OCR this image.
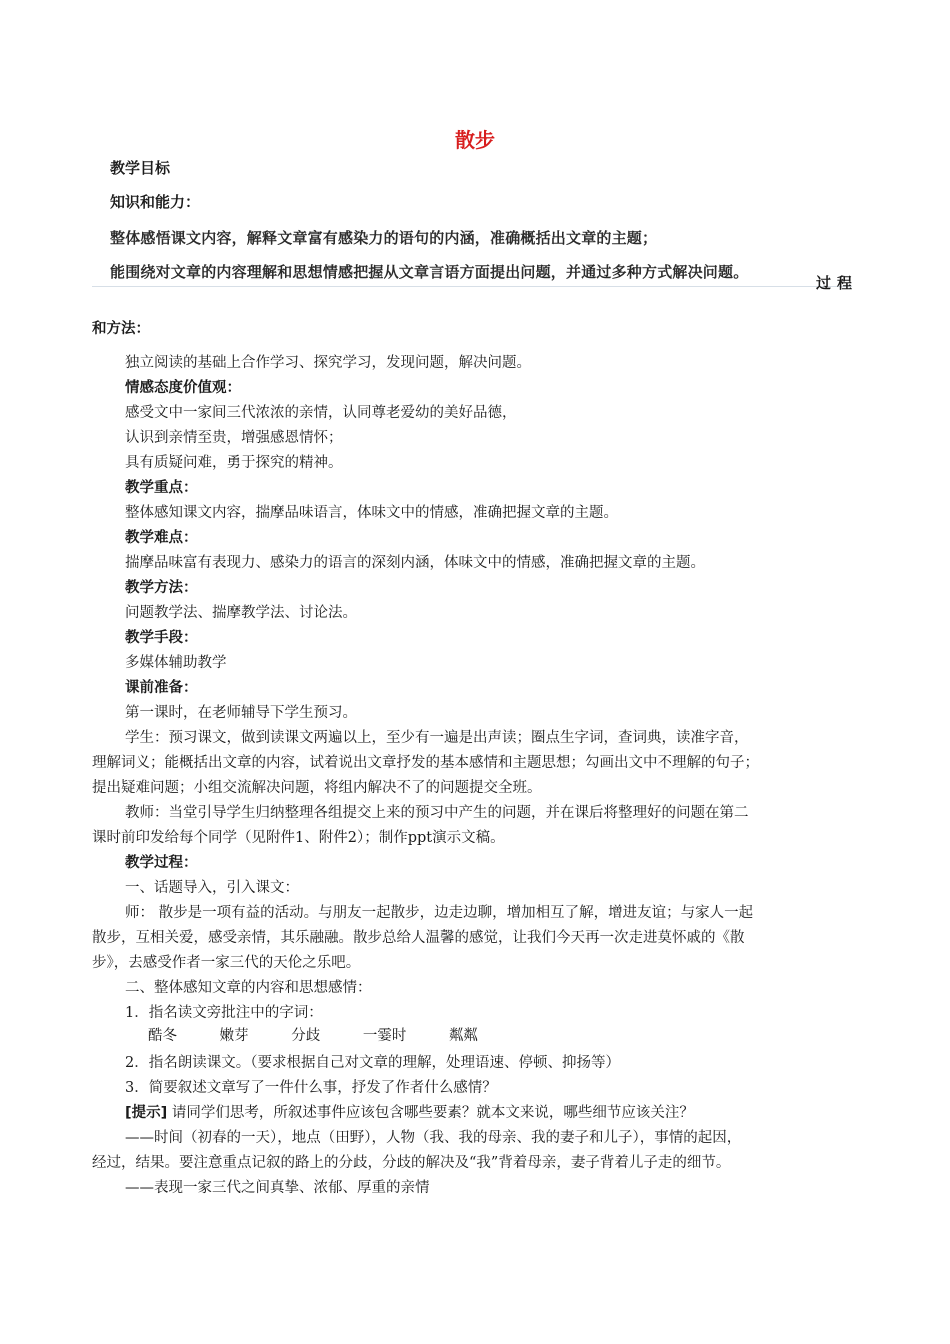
散步
教学目标
知识和能力：
整体感悟课文内容，解释文章富有感染力的语句的内涵，准确概括出文章的主题；
能围绕对文章的内容理解和思想情感把握从文章言语方面提出问题，并通过多种方式解决问题。
过程
和方法：
独立阅读的基础上合作学习、探究学习，发现问题，解决问题。
情感态度价值观：
感受文中一家间三代浓浓的亲情，认同尊老爱幼的美好品德，
认识到亲情至贵，增强感恩情怀；
具有质疑问难，勇于探究的精神。
教学重点：
整体感知课文内容，揣摩品味语言，体味文中的情感，准确把握文章的主题。
教学难点：
揣摩品味富有表现力、感染力的语言的深刻内涵，体味文中的情感，准确把握文章的主题。
教学方法：
问题教学法、揣摩教学法、讨论法。
教学手段：
多媒体辅助教学
课前准备：
第一课时，在老师辅导下学生预习。
学生：预习课文，做到读课文两遍以上，至少有一遍是出声读；圈点生字词，查词典，读准字音，
理解词义；能概括出文章的内容，试着说出文章抒发的基本感情和主题思想；勾画出文中不理解的句子；
提出疑难问题；小组交流解决问题，将组内解决不了的问题提交全班。
教师：当堂引导学生归纳整理各组提交上来的预习中产生的问题，并在课后将整理好的问题在第二
课时前印发给每个同学（见附件1、附件2）；制作ppt演示文稿。
教学过程：
一、话题导入，引入课文：
师： 散步是一项有益的活动。与朋友一起散步，边走边聊，增加相互了解，增进友谊；与家人一起
散步，互相关爱，感受亲情，其乐融融。散步总给人温馨的感觉，让我们今天再一次走进莫怀戚的《散
步》，去感受作者一家三代的天伦之乐吧。
二、整体感知文章的内容和思想感情：
1．指名读文旁批注中的字词：
酷冬	嫩芽	分歧	一霎时	粼粼
2．指名朗读课文。（要求根据自己对文章的理解，处理语速、停顿、抑扬等）
3．简要叙述文章写了一件什么事，抒发了作者什么感情？
[提示] 请同学们思考，所叙述事件应该包含哪些要素？就本文来说，哪些细节应该关注？
——时间（初春的一天），地点（田野），人物（我、我的母亲、我的妻子和儿子），事情的起因，
经过，结果。要注意重点记叙的路上的分歧，分歧的解决及“我”背着母亲，妻子背着儿子走的细节。
——表现一家三代之间真挚、浓郁、厚重的亲情
